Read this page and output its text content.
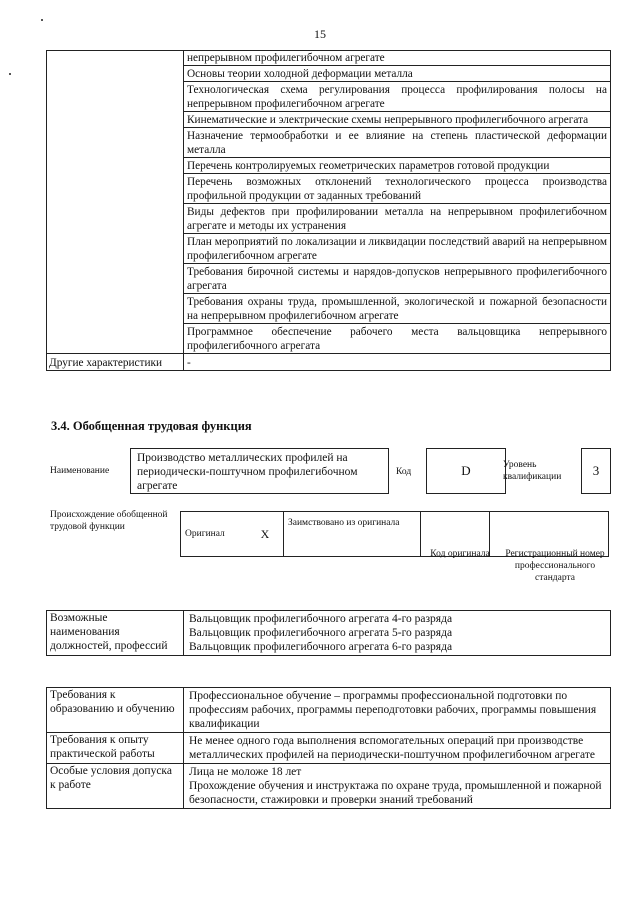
15
	непрерывном профилегибочном агрегате
	Основы теории холодной деформации металла
	Технологическая схема регулирования процесса профилирования полосы на непрерывном профилегибочном агрегате
	Кинематические и электрические схемы непрерывного профилегибочного агрегата
	Назначение термообработки и ее влияние на степень пластической деформации металла
	Перечень контролируемых геометрических параметров готовой продукции
	Перечень возможных отклонений технологического процесса производства профильной продукции от заданных требований
	Виды дефектов при профилировании металла на непрерывном профилегибочном агрегате и методы их устранения
	План мероприятий по локализации и ликвидации последствий аварий на непрерывном профилегибочном агрегате
	Требования бирочной системы и нарядов-допусков непрерывного профилегибочного агрегата
	Требования охраны труда, промышленной, экологической и пожарной безопасности на непрерывном профилегибочном агрегате
	Программное обеспечение рабочего места вальцовщика непрерывного профилегибочного агрегата
Другие характеристики	-
3.4. Обобщенная трудовая функция
Наименование
Производство металлических профилей на периодически-поштучном профилегибочном агрегате
Код	D	Уровень квалификации	3
Происхождение обобщенной трудовой функции
Оригинал	X	Заимствовано из оригинала		
Код оригинала	Регистрационный номер профессионального стандарта
Возможные наименования должностей, профессий	
Вальцовщик профилегибочного агрегата 4-го разряда
Вальцовщик профилегибочного агрегата 5-го разряда
Вальцовщик профилегибочного агрегата 6-го разряда
Требования к образованию и обучению	Профессиональное обучение – программы профессиональной подготовки по профессиям рабочих, программы переподготовки рабочих, программы повышения квалификации
Требования к опыту практической работы	Не менее одного года выполнения вспомогательных операций при производстве металлических профилей на периодически-поштучном профилегибочном агрегате
Особые условия допуска к работе	Лица не моложе 18 лет
Прохождение обучения и инструктажа по охране труда, промышленной и пожарной безопасности, стажировки и проверки знаний требований
